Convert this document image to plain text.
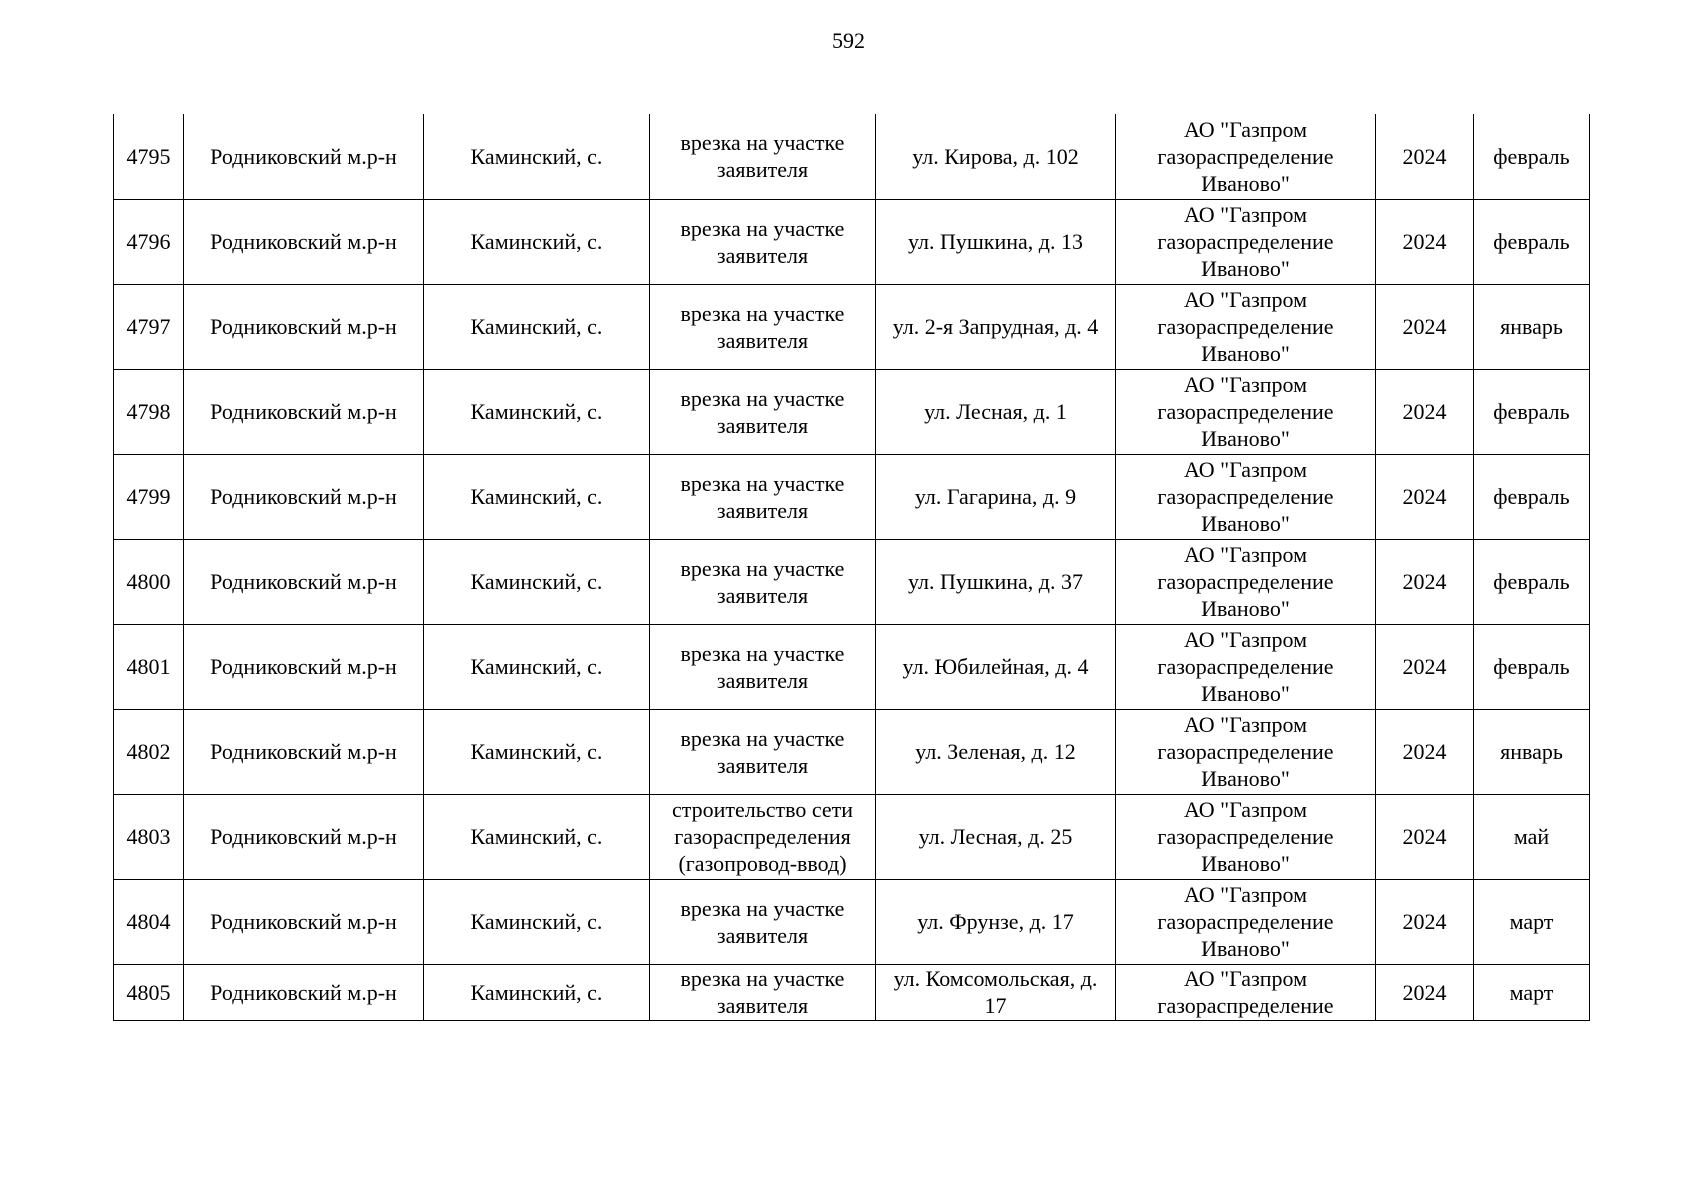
592
4795	Родниковский м.р-н	Каминский, с.	врезка на участке заявителя	ул. Кирова, д. 102	АО "Газпром
газораспределение
Иваново"	2024	февраль
4796	Родниковский м.р-н	Каминский, с.	врезка на участке заявителя	ул. Пушкина, д. 13	АО "Газпром
газораспределение
Иваново"	2024	февраль
4797	Родниковский м.р-н	Каминский, с.	врезка на участке заявителя	ул. 2-я Запрудная, д. 4	АО "Газпром
газораспределение
Иваново"	2024	январь
4798	Родниковский м.р-н	Каминский, с.	врезка на участке заявителя	ул. Лесная, д. 1	АО "Газпром
газораспределение
Иваново"	2024	февраль
4799	Родниковский м.р-н	Каминский, с.	врезка на участке заявителя	ул. Гагарина, д. 9	АО "Газпром
газораспределение
Иваново"	2024	февраль
4800	Родниковский м.р-н	Каминский, с.	врезка на участке заявителя	ул. Пушкина, д. 37	АО "Газпром
газораспределение
Иваново"	2024	февраль
4801	Родниковский м.р-н	Каминский, с.	врезка на участке заявителя	ул. Юбилейная, д. 4	АО "Газпром
газораспределение
Иваново"	2024	февраль
4802	Родниковский м.р-н	Каминский, с.	врезка на участке заявителя	ул. Зеленая, д. 12	АО "Газпром
газораспределение
Иваново"	2024	январь
4803	Родниковский м.р-н	Каминский, с.	строительство сети газораспределения (газопровод-ввод)	ул. Лесная, д. 25	АО "Газпром
газораспределение
Иваново"	2024	май
4804	Родниковский м.р-н	Каминский, с.	врезка на участке заявителя	ул. Фрунзе, д. 17	АО "Газпром
газораспределение
Иваново"	2024	март

4805	Родниковский м.р-н	Каминский, с.	врезка на участке заявителя	ул. Комсомольская, д. 17	АО "Газпром
газораспределение	2024	март
